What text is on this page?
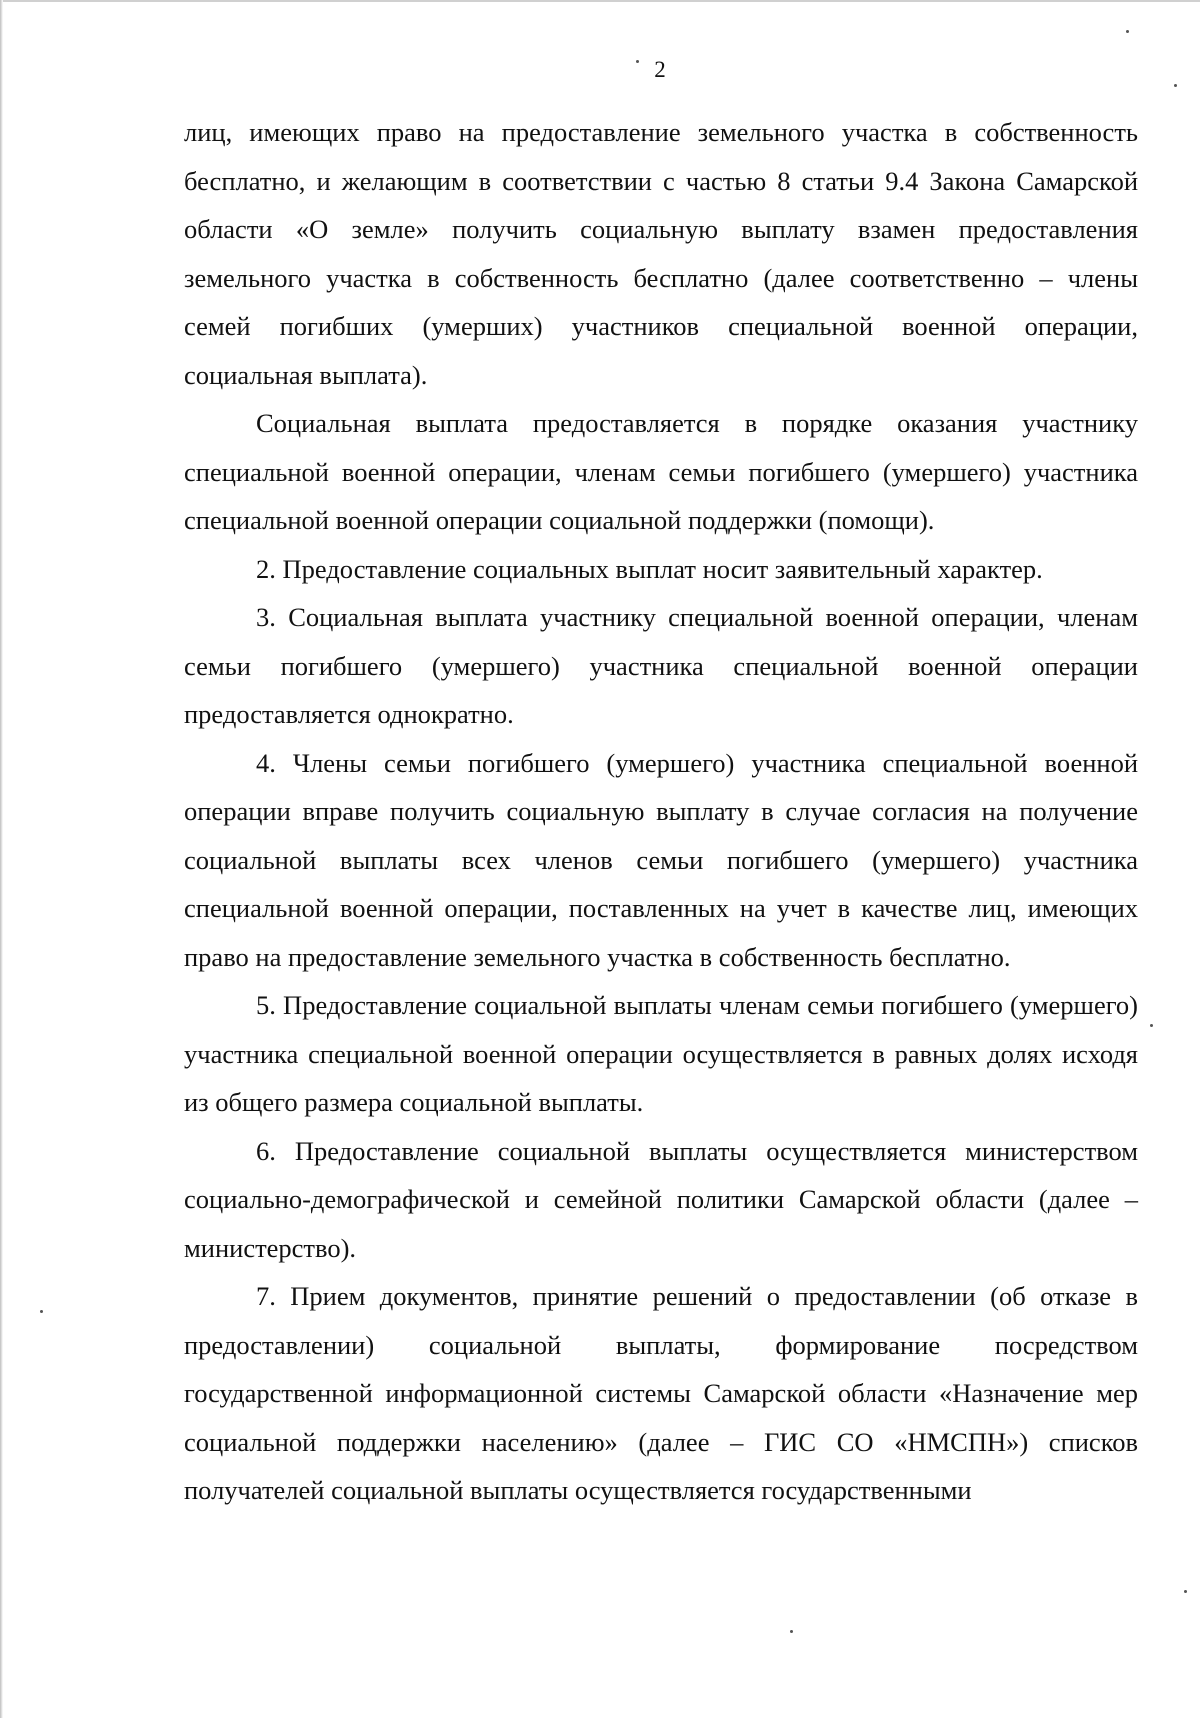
2

лиц, имеющих право на предоставление земельного участка в собственность бесплатно, и желающим в соответствии с частью 8 статьи 9.4 Закона Самарской области «О земле» получить социальную выплату взамен предоставления земельного участка в собственность бесплатно (далее соответственно – члены семей погибших (умерших) участников специальной военной операции, социальная выплата).

Социальная выплата предоставляется в порядке оказания участнику специальной военной операции, членам семьи погибшего (умершего) участника специальной военной операции социальной поддержки (помощи).

2. Предоставление социальных выплат носит заявительный характер.

3. Социальная выплата участнику специальной военной операции, членам семьи погибшего (умершего) участника специальной военной операции предоставляется однократно.

4. Члены семьи погибшего (умершего) участника специальной военной операции вправе получить социальную выплату в случае согласия на получение социальной выплаты всех членов семьи погибшего (умершего) участника специальной военной операции, поставленных на учет в качестве лиц, имеющих право на предоставление земельного участка в собственность бесплатно.

5. Предоставление социальной выплаты членам семьи погибшего (умершего) участника специальной военной операции осуществляется в равных долях исходя из общего размера социальной выплаты.

6. Предоставление социальной выплаты осуществляется министерством социально-демографической и семейной политики Самарской области (далее – министерство).

7. Прием документов, принятие решений о предоставлении (об отказе в предоставлении) социальной выплаты, формирование посредством государственной информационной системы Самарской области «Назначение мер социальной поддержки населению» (далее – ГИС СО «НМСПН») списков получателей социальной выплаты осуществляется государственными
